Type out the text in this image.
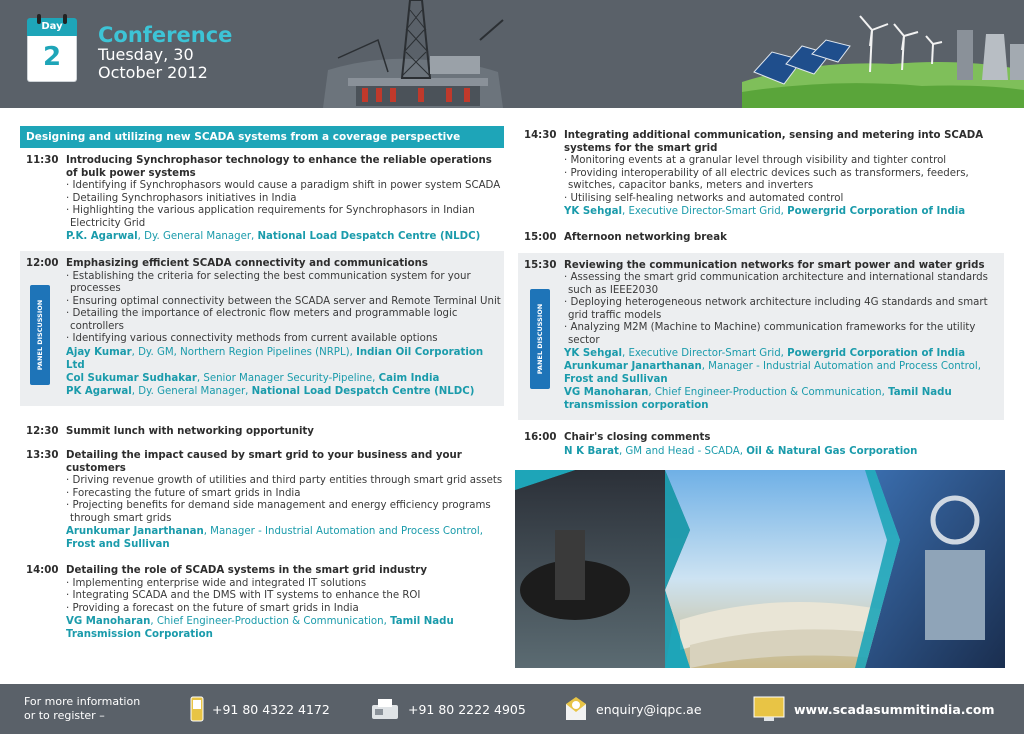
Day
2
Conference
Tuesday, 30 October 2012
Designing and utilizing new SCADA systems from a coverage perspective
11:30 Introducing Synchrophasor technology to enhance the reliable operations of bulk power systems
· Identifying if Synchrophasors would cause a paradigm shift in power system SCADA
· Detailing Synchrophasors initiatives in India
· Highlighting the various application requirements for Synchrophasors in Indian Electricity Grid
P.K. Agarwal, Dy. General Manager, National Load Despatch Centre (NLDC)
PANEL DISCUSSION
12:00 Emphasizing efficient SCADA connectivity and communications
· Establishing the criteria for selecting the best communication system for your processes
· Ensuring optimal connectivity between the SCADA server and Remote Terminal Unit
· Detailing the importance of electronic flow meters and programmable logic controllers
· Identifying various connectivity methods from current available options
Ajay Kumar, Dy. GM, Northern Region Pipelines (NRPL), Indian Oil Corporation Ltd
Col Sukumar Sudhakar, Senior Manager Security-Pipeline, Caim India
PK Agarwal, Dy. General Manager, National Load Despatch Centre (NLDC)
12:30 Summit lunch with networking opportunity
13:30 Detailing the impact caused by smart grid to your business and your customers
· Driving revenue growth of utilities and third party entities through smart grid assets
· Forecasting the future of smart grids in India
· Projecting benefits for demand side management and energy efficiency programs through smart grids
Arunkumar Janarthanan, Manager - Industrial Automation and Process Control, Frost and Sullivan
14:00 Detailing the role of SCADA systems in the smart grid industry
· Implementing enterprise wide and integrated IT solutions
· Integrating SCADA and the DMS with IT systems to enhance the ROI
· Providing a forecast on the future of smart grids in India
VG Manoharan, Chief Engineer-Production & Communication, Tamil Nadu Transmission Corporation
14:30 Integrating additional communication, sensing and metering into SCADA systems for the smart grid
· Monitoring events at a granular level through visibility and tighter control
· Providing interoperability of all electric devices such as transformers, feeders, switches, capacitor banks, meters and inverters
· Utilising self-healing networks and automated control
YK Sehgal, Executive Director-Smart Grid, Powergrid Corporation of India
15:00 Afternoon networking break
PANEL DISCUSSION
15:30 Reviewing the communication networks for smart power and water grids
· Assessing the smart grid communication architecture and international standards such as IEEE2030
· Deploying heterogeneous network architecture including 4G standards and smart grid traffic models
· Analyzing M2M (Machine to Machine) communication frameworks for the utility sector
YK Sehgal, Executive Director-Smart Grid, Powergrid Corporation of India
Arunkumar Janarthanan, Manager - Industrial Automation and Process Control, Frost and Sullivan
VG Manoharan, Chief Engineer-Production & Communication, Tamil Nadu transmission corporation
16:00 Chair's closing comments
N K Barat, GM and Head - SCADA, Oil & Natural Gas Corporation
For more information or to register –	+91 80 4322 4172	+91 80 2222 4905	enquiry@iqpc.ae	www.scadasummitindia.com
